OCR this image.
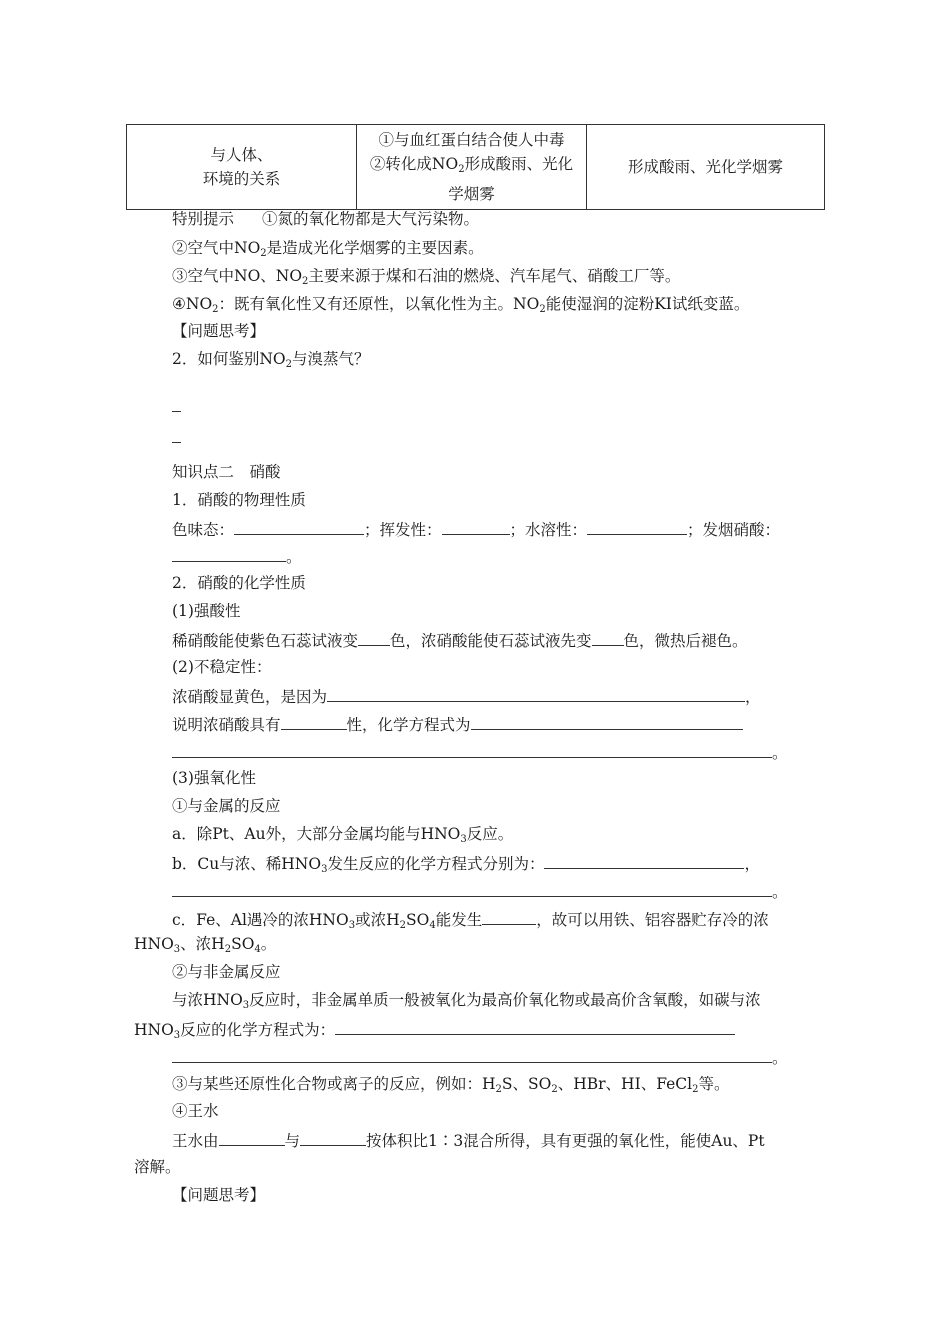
与人体、
环境的关系

①与血红蛋白结合使人中毒
②转化成$NO_2$形成酸雨、光化
学烟雾

形成酸雨、光化学烟雾
特别提示 ①氮的氧化物都是大气污染物。
②空气中$NO_2$是造成光化学烟雾的主要因素。
③空气中NO、$NO_2$主要来源于煤和石油的燃烧、汽车尾气、硝酸工厂等。
$④NO_2$：既有氧化性又有还原性，以氧化性为主。$NO_2$能使湿润的淀粉KI试纸变蓝。
【问题思考】
2．如何鉴别$NO_2$与溴蒸气？
知识点二　硝酸
1．硝酸的物理性质
色味态：	；挥发性：	；水溶性：	；发烟硝酸：
。
2．硝酸的化学性质
(1)强酸性
稀硝酸能使紫色石蕊试液变 色，浓硝酸能使石蕊试液先变 色，微热后褪色。
(2)不稳定性：
浓硝酸显黄色，是因为	，
说明浓硝酸具有	性，化学方程式为
。
(3)强氧化性
①与金属的反应
a．除Pt、Au外，大部分金属均能与$HNO_3$反应。
b．Cu与浓、稀$HNO_3$发生反应的化学方程式分别为：	，
。
c．Fe、Al遇冷的浓$HNO_3$或浓$H_2SO_4$能发生	，故可以用铁、铝容器贮存冷的浓
$HNO_3$、浓$H_2SO_4$。
②与非金属反应
与浓$HNO_3$反应时，非金属单质一般被氧化为最高价氧化物或最高价含氧酸，如碳与浓
$HNO_3$反应的化学方程式为：
。
③与某些还原性化合物或离子的反应，例如：$H_2S$、$SO_2$、HBr、HI、FeCl$_2$等。
④王水
王水由	与	按体积比1∶3混合所得，具有更强的氧化性，能使Au、Pt
溶解。
【问题思考】
